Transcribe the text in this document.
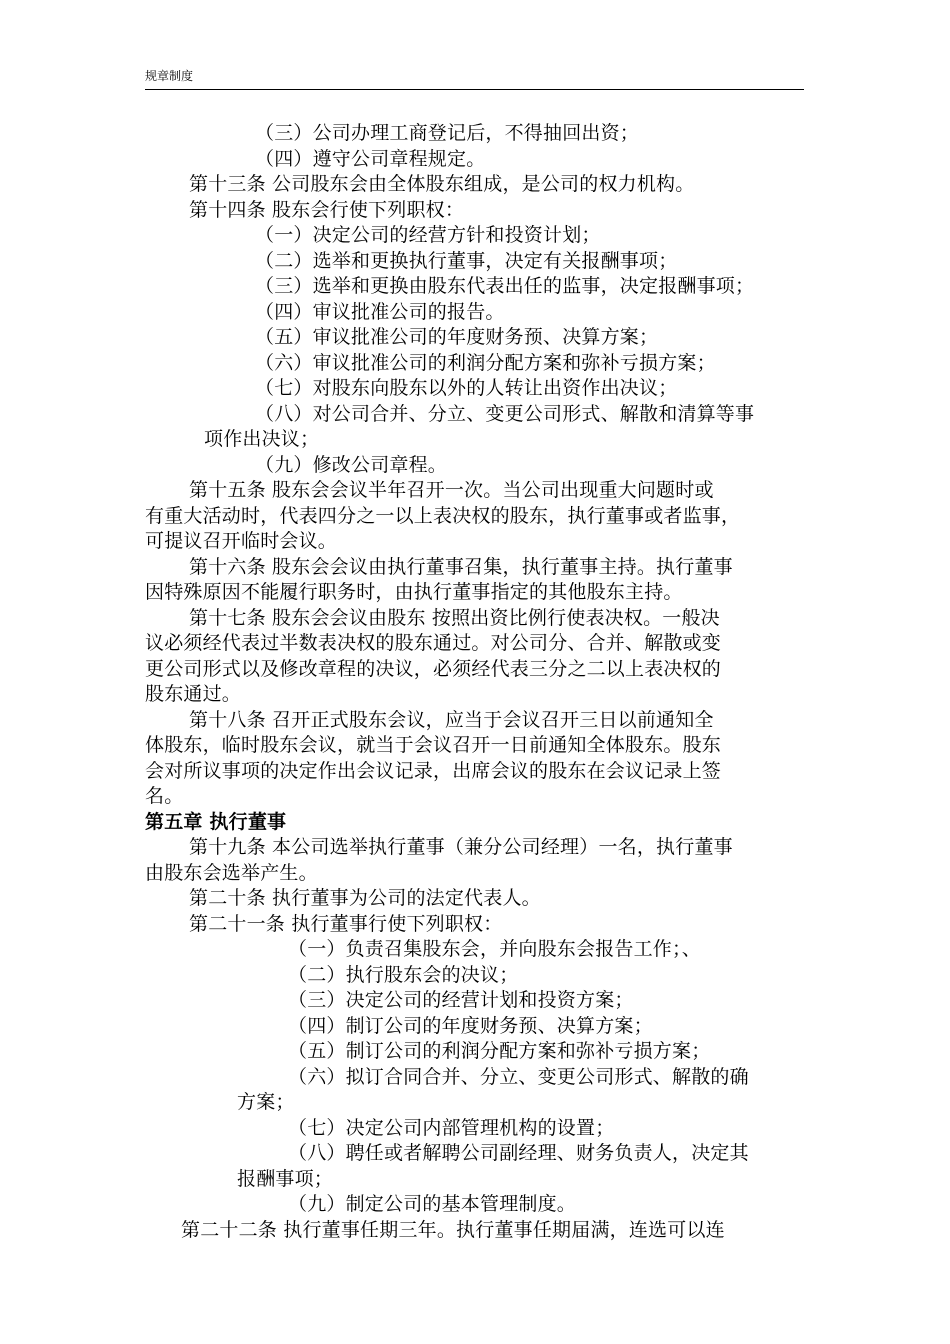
规章制度
（三）公司办理工商登记后，不得抽回出资；
（四）遵守公司章程规定。
第十三条 公司股东会由全体股东组成，是公司的权力机构。
第十四条 股东会行使下列职权：
（一）决定公司的经营方针和投资计划；
（二）选举和更换执行董事，决定有关报酬事项；
（三）选举和更换由股东代表出任的监事，决定报酬事项；
（四）审议批准公司的报告。
（五）审议批准公司的年度财务预、决算方案；
（六）审议批准公司的利润分配方案和弥补亏损方案；
（七）对股东向股东以外的人转让出资作出决议；
（八）对公司合并、分立、变更公司形式、解散和清算等事
项作出决议；
（九）修改公司章程。
第十五条 股东会会议半年召开一次。当公司出现重大问题时或
有重大活动时，代表四分之一以上表决权的股东，执行董事或者监事，
可提议召开临时会议。
第十六条 股东会会议由执行董事召集，执行董事主持。执行董事
因特殊原因不能履行职务时，由执行董事指定的其他股东主持。
第十七条 股东会会议由股东 按照出资比例行使表决权。一般决
议必须经代表过半数表决权的股东通过。对公司分、合并、解散或变
更公司形式以及修改章程的决议，必须经代表三分之二以上表决权的
股东通过。
第十八条 召开正式股东会议，应当于会议召开三日以前通知全
体股东，临时股东会议，就当于会议召开一日前通知全体股东。股东
会对所议事项的决定作出会议记录，出席会议的股东在会议记录上签
名。
第五章 执行董事
第十九条 本公司选举执行董事（兼分公司经理）一名，执行董事
由股东会选举产生。
第二十条 执行董事为公司的法定代表人。
第二十一条 执行董事行使下列职权：
（一）负责召集股东会，并向股东会报告工作；、
（二）执行股东会的决议；
（三）决定公司的经营计划和投资方案；
（四）制订公司的年度财务预、决算方案；
（五）制订公司的利润分配方案和弥补亏损方案；
（六）拟订合同合并、分立、变更公司形式、解散的确
方案；
（七）决定公司内部管理机构的设置；
（八）聘任或者解聘公司副经理、财务负责人，决定其
报酬事项；
（九）制定公司的基本管理制度。
第二十二条 执行董事任期三年。执行董事任期届满，连选可以连
